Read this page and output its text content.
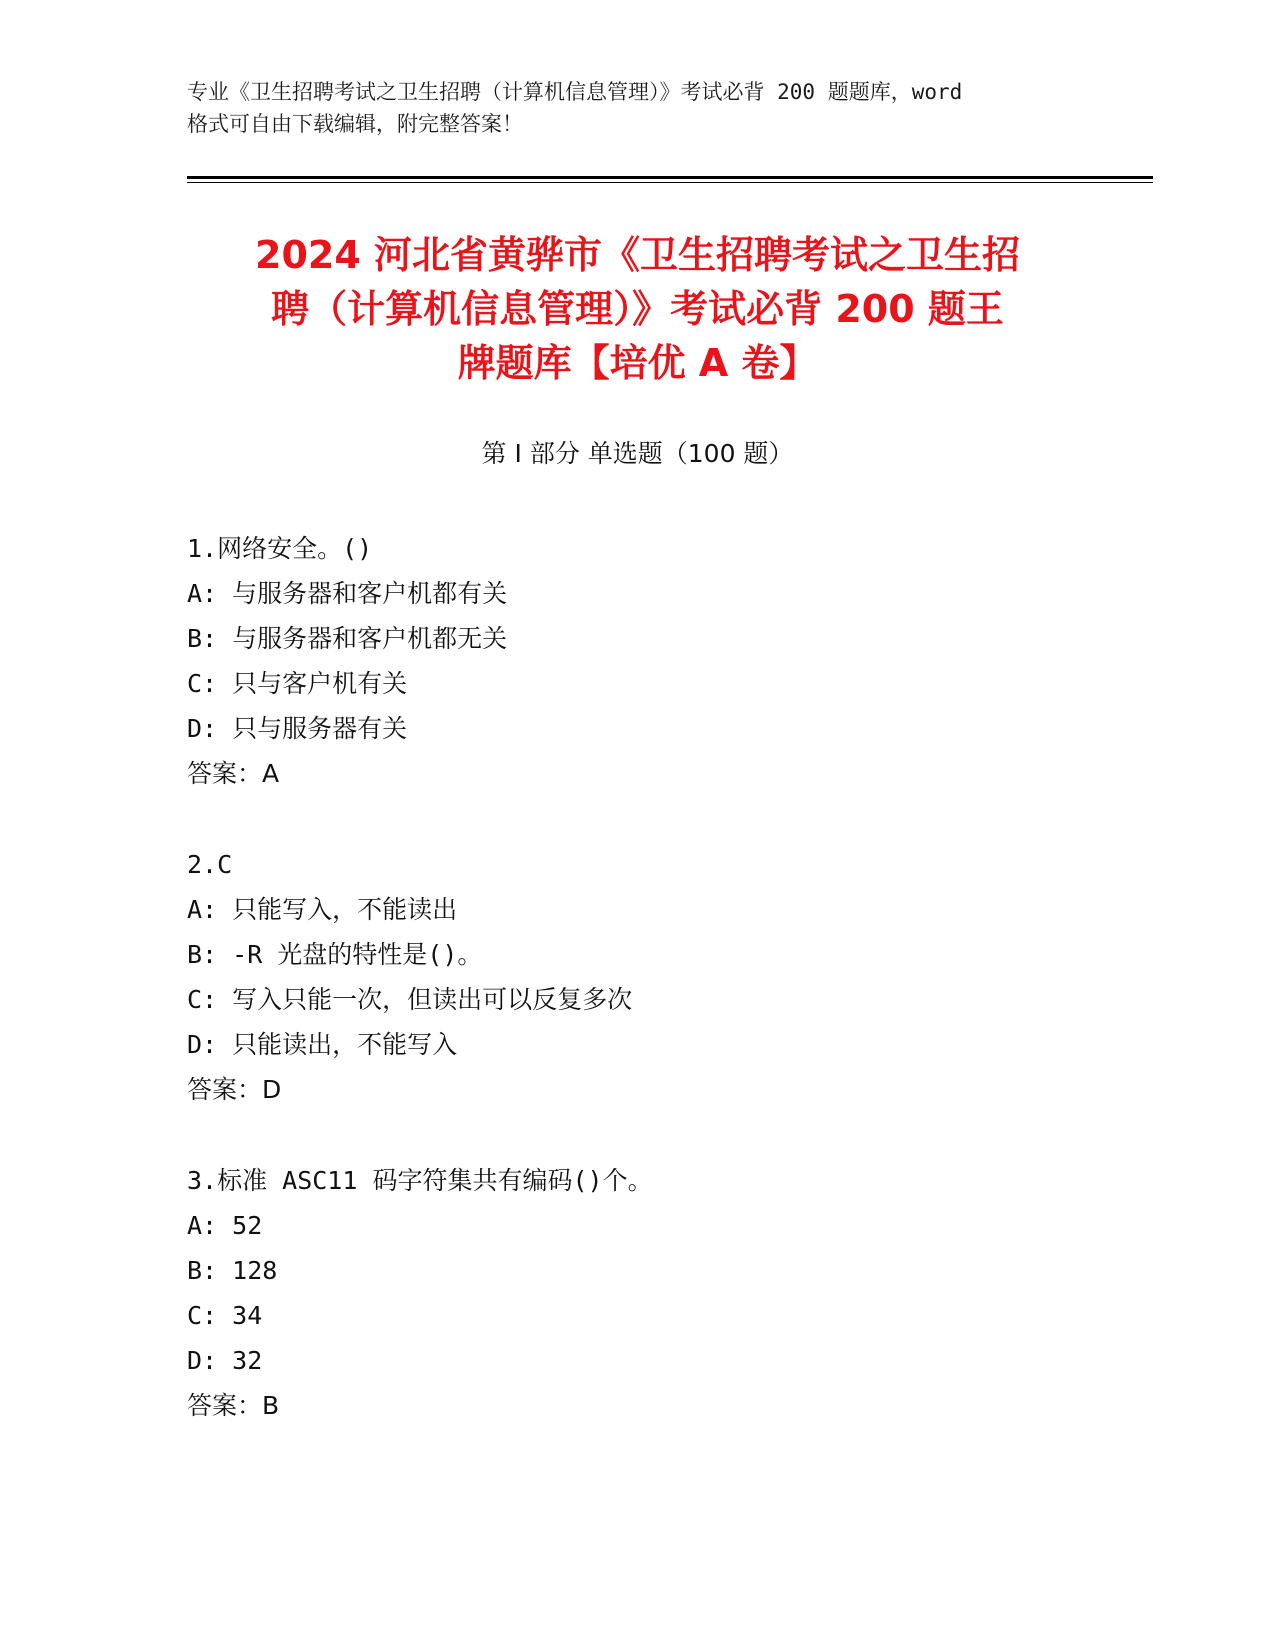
专业《卫生招聘考试之卫生招聘（计算机信息管理）》考试必背 200 题题库，word
格式可自由下载编辑，附完整答案！
2024 河北省黄骅市《卫生招聘考试之卫生招
聘（计算机信息管理）》考试必背 200 题王
牌题库【培优 A 卷】
第 I 部分 单选题（100 题）
1.网络安全。()
A: 与服务器和客户机都有关
B: 与服务器和客户机都无关
C: 只与客户机有关
D: 只与服务器有关
答案：A
2.C
A: 只能写入，不能读出
B: -R 光盘的特性是()。
C: 写入只能一次，但读出可以反复多次
D: 只能读出，不能写入
答案：D
3.标准 ASC11 码字符集共有编码()个。
A: 52
B: 128
C: 34
D: 32
答案：B
